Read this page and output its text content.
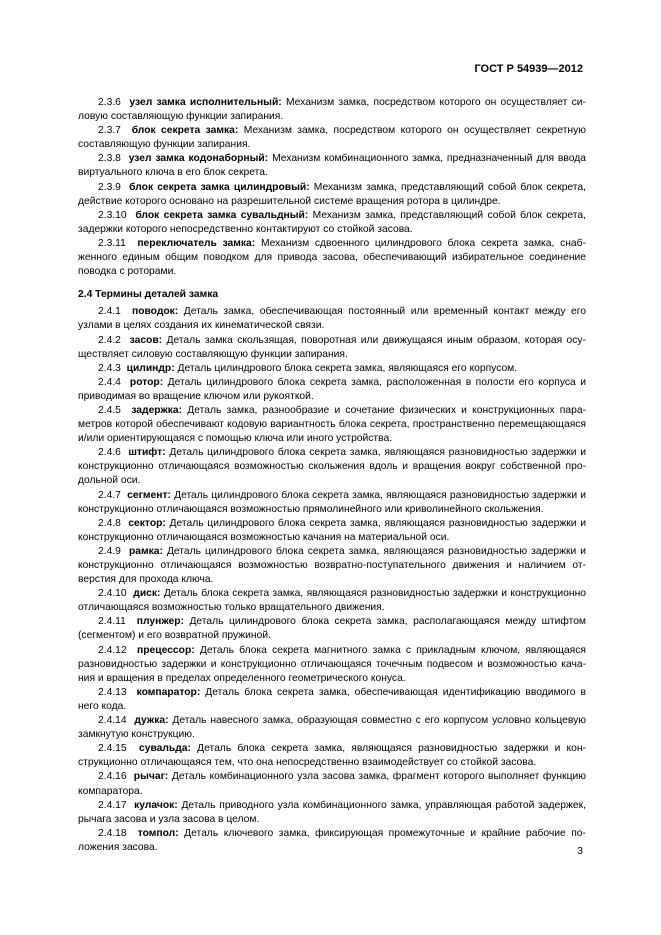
ГОСТ Р 54939—2012

2.3.6 узел замка исполнительный: Механизм замка, посредством которого он осуществляет силовую составляющую функции запирания.

2.3.7 блок секрета замка: Механизм замка, посредством которого он осуществляет секретную составляющую функции запирания.

2.3.8 узел замка кодонаборный: Механизм комбинационного замка, предназначенный для ввода виртуального ключа в его блок секрета.

2.3.9 блок секрета замка цилиндровый: Механизм замка, представляющий собой блок секрета, действие которого основано на разрешительной системе вращения ротора в цилиндре.

2.3.10 блок секрета замка сувальдный: Механизм замка, представляющий собой блок секрета, задержки которого непосредственно контактируют со стойкой засова.

2.3.11 переключатель замка: Механизм сдвоенного цилиндрового блока секрета замка, снабженного единым общим поводком для привода засова, обеспечивающий избирательное соединение поводка с роторами.

2.4 Термины деталей замка

2.4.1 поводок: Деталь замка, обеспечивающая постоянный или временный контакт между его узлами в целях создания их кинематической связи.

2.4.2 засов: Деталь замка скользящая, поворотная или движущаяся иным образом, которая осуществляет силовую составляющую функции запирания.

2.4.3 цилиндр: Деталь цилиндрового блока секрета замка, являющаяся его корпусом.

2.4.4 ротор: Деталь цилиндрового блока секрета замка, расположенная в полости его корпуса и приводимая во вращение ключом или рукояткой.

2.4.5 задержка: Деталь замка, разнообразие и сочетание физических и конструкционных параметров которой обеспечивают кодовую вариантность блока секрета, пространственно перемещающаяся и/или ориентирующаяся с помощью ключа или иного устройства.

2.4.6 штифт: Деталь цилиндрового блока секрета замка, являющаяся разновидностью задержки и конструкционно отличающаяся возможностью скольжения вдоль и вращения вокруг собственной продольной оси.

2.4.7 сегмент: Деталь цилиндрового блока секрета замка, являющаяся разновидностью задержки и конструкционно отличающаяся возможностью прямолинейного или криволинейного скольжения.

2.4.8 сектор: Деталь цилиндрового блока секрета замка, являющаяся разновидностью задержки и конструкционно отличающаяся возможностью качания на материальной оси.

2.4.9 рамка: Деталь цилиндрового блока секрета замка, являющаяся разновидностью задержки и конструкционно отличающаяся возможностью возвратно-поступательного движения и наличием отверстия для прохода ключа.

2.4.10 диск: Деталь блока секрета замка, являющаяся разновидностью задержки и конструкционно отличающаяся возможностью только вращательного движения.

2.4.11 плунжер: Деталь цилиндрового блока секрета замка, располагающаяся между штифтом (сегментом) и его возвратной пружиной.

2.4.12 прецессор: Деталь блока секрета магнитного замка с прикладным ключом, являющаяся разновидностью задержки и конструкционно отличающаяся точечным подвесом и возможностью качания и вращения в пределах определенного геометрического конуса.

2.4.13 компаратор: Деталь блока секрета замка, обеспечивающая идентификацию вводимого в него кода.

2.4.14 дужка: Деталь навесного замка, образующая совместно с его корпусом условно кольцевую замкнутую конструкцию.

2.4.15 сувальда: Деталь блока секрета замка, являющаяся разновидностью задержки и конструкционно отличающаяся тем, что она непосредственно взаимодействует со стойкой засова.

2.4.16 рычаг: Деталь комбинационного узла засова замка, фрагмент которого выполняет функцию компаратора.

2.4.17 кулачок: Деталь приводного узла комбинационного замка, управляющая работой задержек, рычага засова и узла засова в целом.

2.4.18 томпол: Деталь ключевого замка, фиксирующая промежуточные и крайние рабочие положения засова.	3
